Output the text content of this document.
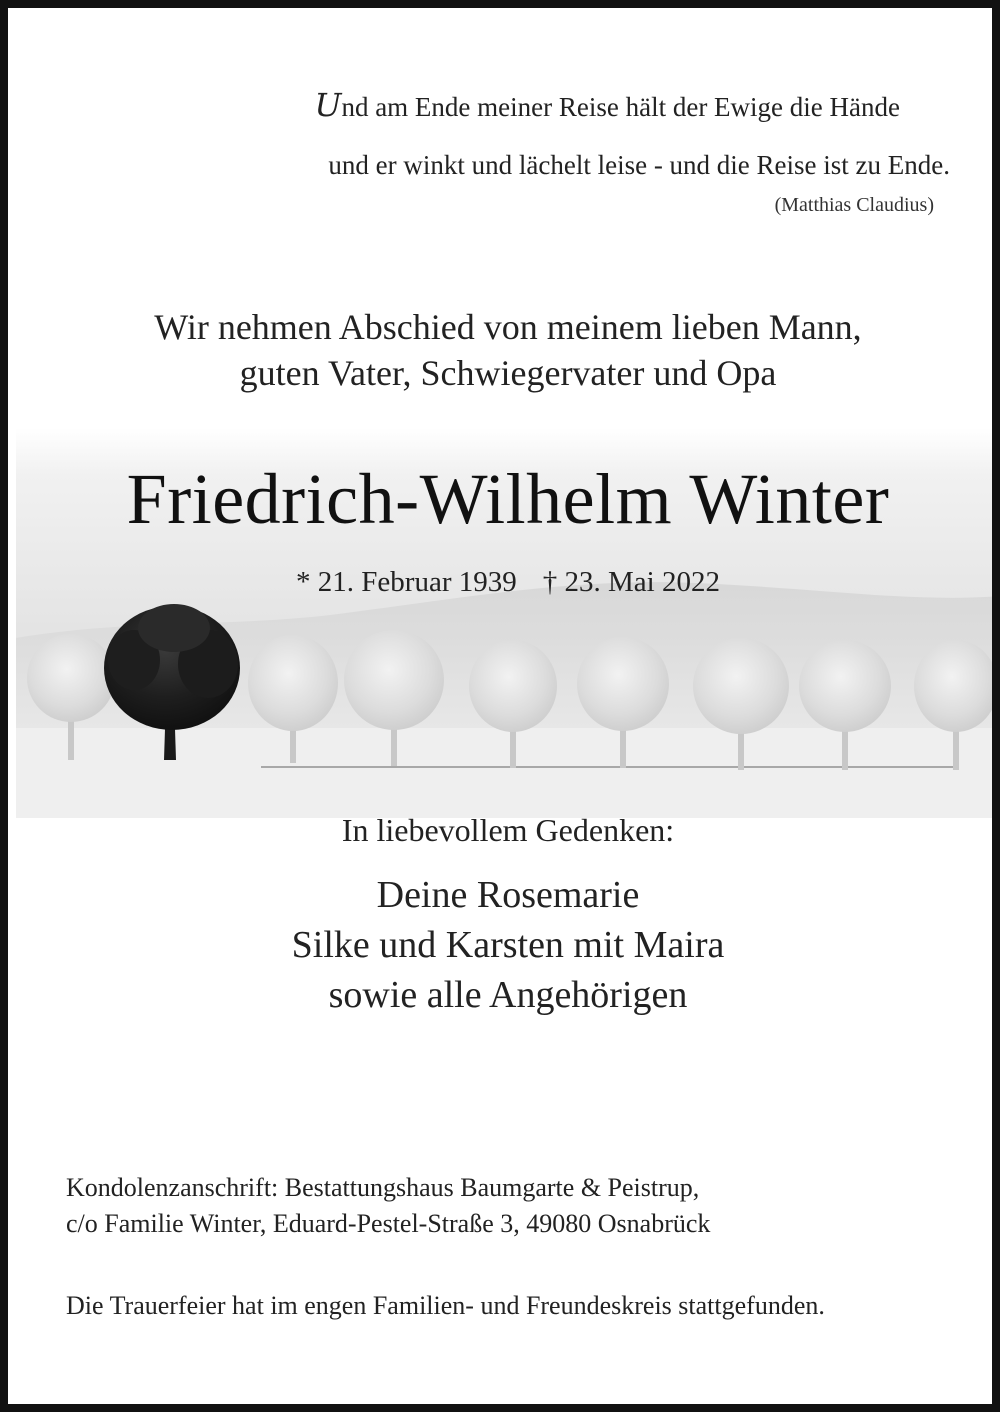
Und am Ende meiner Reise hält der Ewige die Hände
und er winkt und lächelt leise - und die Reise ist zu Ende.
(Matthias Claudius)
Wir nehmen Abschied von meinem lieben Mann,
guten Vater, Schwiegervater und Opa
Friedrich-Wilhelm Winter
* 21. Februar 1939 † 23. Mai 2022
In liebevollem Gedenken:
Deine Rosemarie
Silke und Karsten mit Maira
sowie alle Angehörigen
Kondolenzanschrift: Bestattungshaus Baumgarte & Peistrup,
c/o Familie Winter, Eduard-Pestel-Straße 3, 49080 Osnabrück
Die Trauerfeier hat im engen Familien- und Freundeskreis stattgefunden.
